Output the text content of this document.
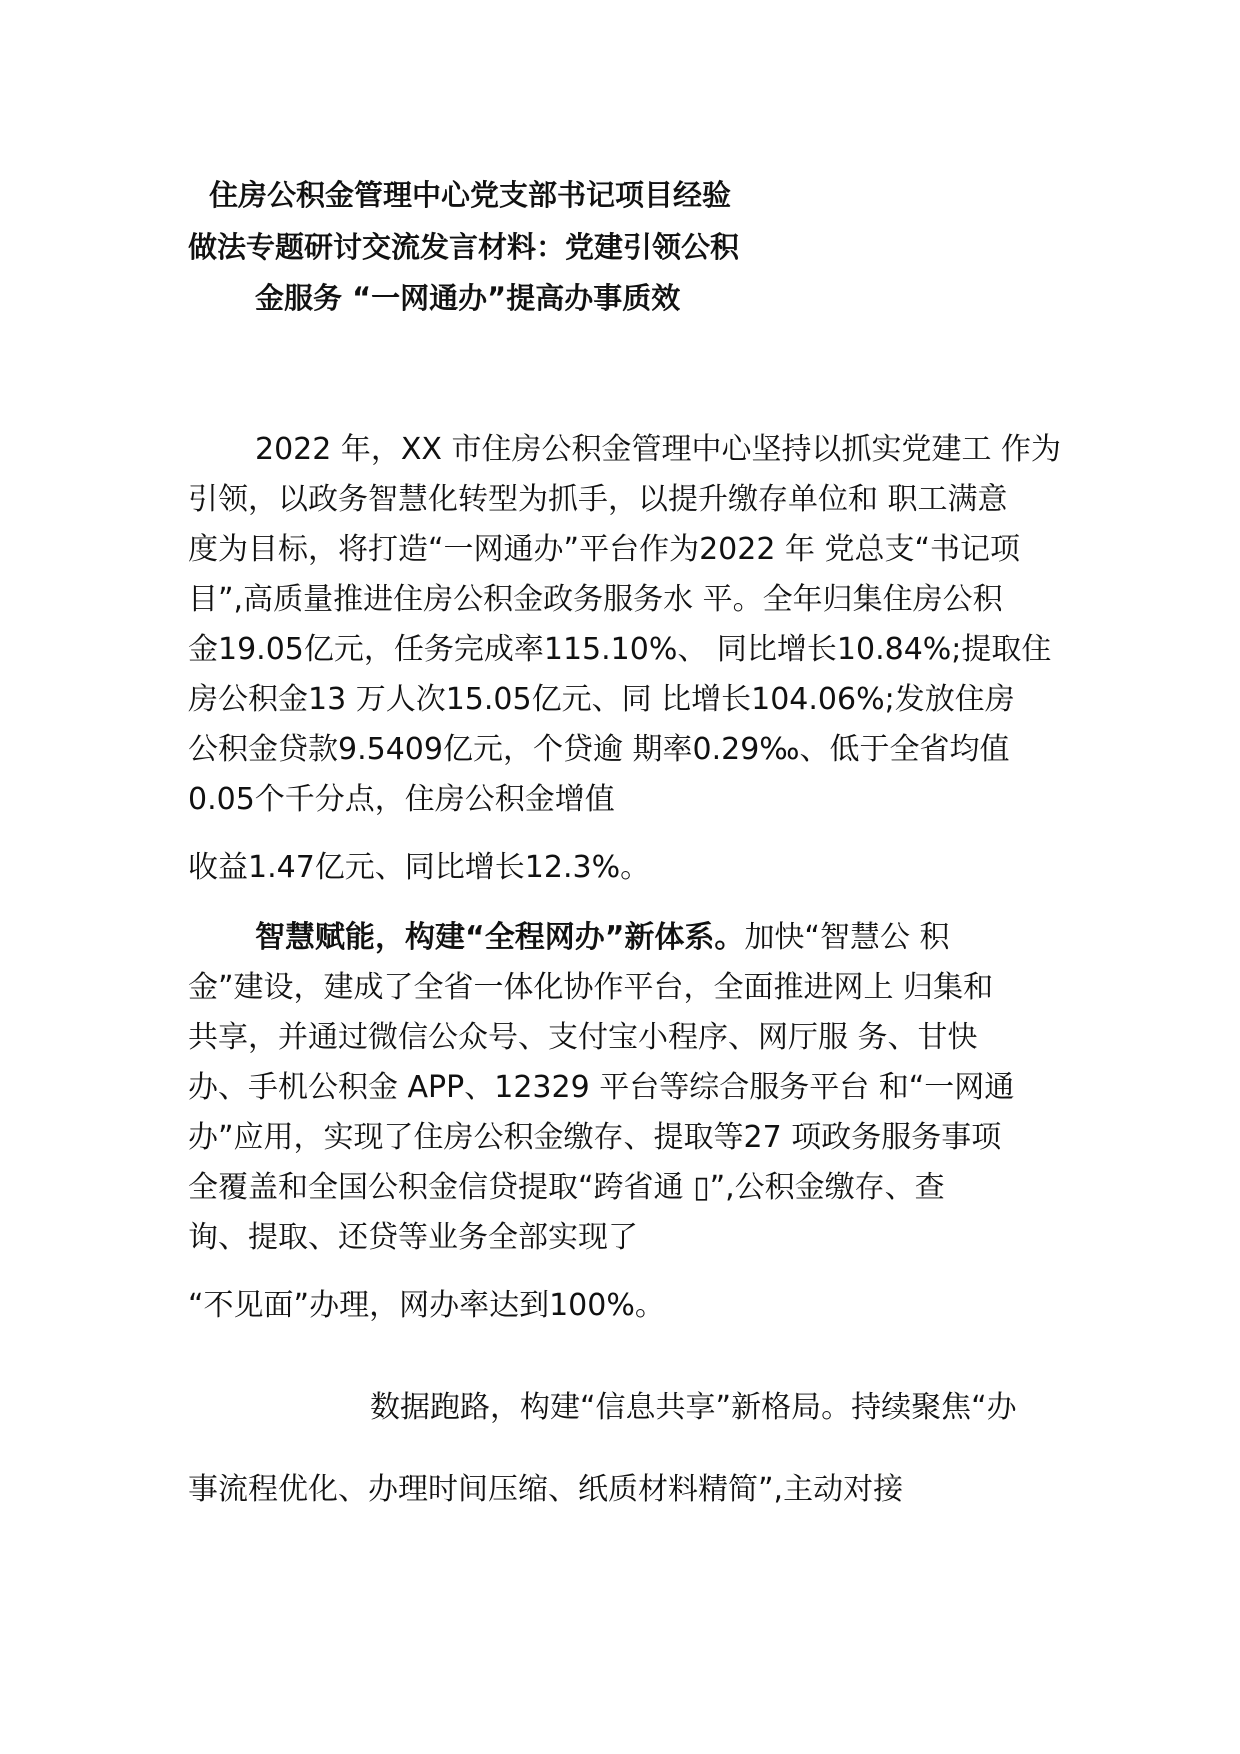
住房公积金管理中心党支部书记项目经验

做法专题研讨交流发言材料：党建引领公积

金服务 “一网通办”提高办事质效

2022 年，XX 市住房公积金管理中心坚持以抓实党建工 作为

引领，以政务智慧化转型为抓手，以提升缴存单位和 职工满意

度为目标，将打造“一网通办”平台作为2022 年 党总支“书记项

目”,高质量推进住房公积金政务服务水 平。全年归集住房公积

金19.05亿元，任务完成率115.10%、 同比增长10.84%;提取住

房公积金13 万人次15.05亿元、同 比增长104.06%;发放住房

公积金贷款9.5409亿元，个贷逾 期率0.29‰、低于全省均值

0.05个千分点，住房公积金增值

收益1.47亿元、同比增长12.3%。

智慧赋能，构建“全程网办”新体系。加快“智慧公 积

金”建设，建成了全省一体化协作平台，全面推进网上 归集和

共享，并通过微信公众号、支付宝小程序、网厅服 务、甘快

办、手机公积金 APP、12329 平台等综合服务平台 和“一网通

办”应用，实现了住房公积金缴存、提取等27 项政务服务事项

全覆盖和全国公积金信贷提取“跨省通 ▯”,公积金缴存、查

询、提取、还贷等业务全部实现了

“不见面”办理，网办率达到100%。

数据跑路，构建“信息共享”新格局。持续聚焦“办

事流程优化、办理时间压缩、纸质材料精简”,主动对接
